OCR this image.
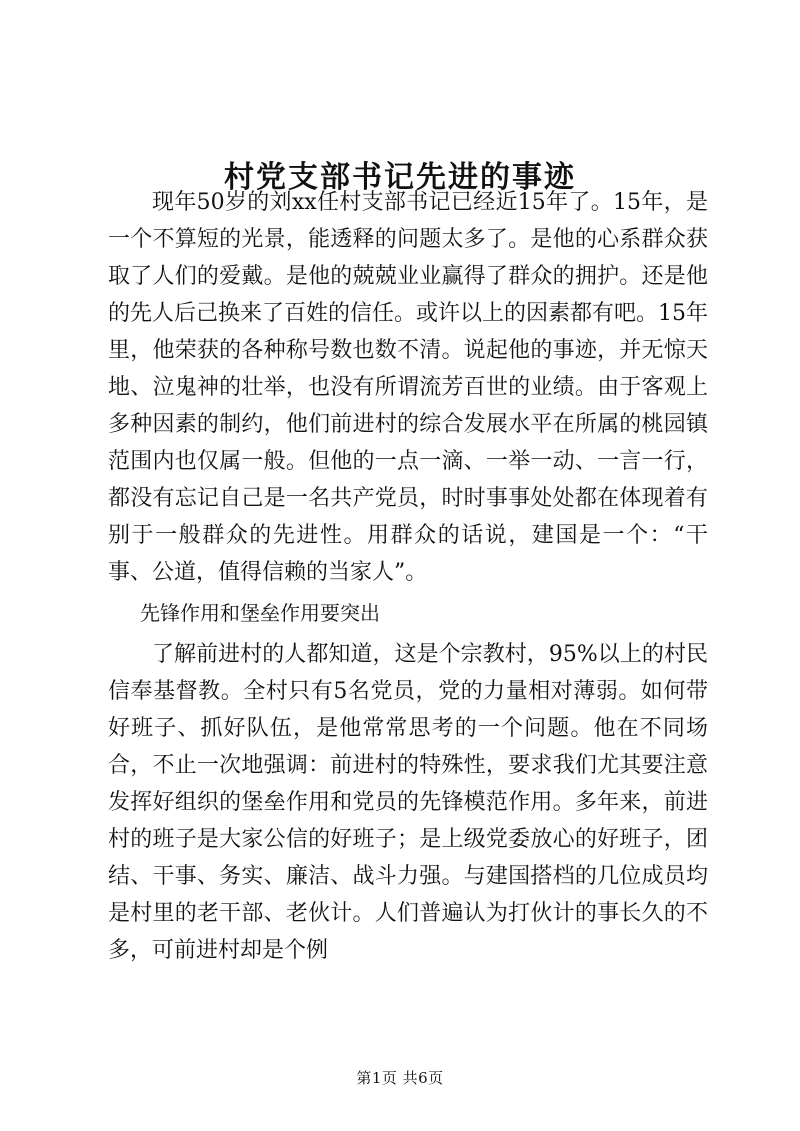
村党支部书记先进的事迹

现年50岁的刘xx任村支部书记已经近15年了。15年，是一个不算短的光景，能透释的问题太多了。是他的心系群众获取了人们的爱戴。是他的兢兢业业赢得了群众的拥护。还是他的先人后己换来了百姓的信任。或许以上的因素都有吧。15年里，他荣获的各种称号数也数不清。说起他的事迹，并无惊天地、泣鬼神的壮举，也没有所谓流芳百世的业绩。由于客观上多种因素的制约，他们前进村的综合发展水平在所属的桃园镇范围内也仅属一般。但他的一点一滴、一举一动、一言一行，都没有忘记自己是一名共产党员，时时事事处处都在体现着有别于一般群众的先进性。用群众的话说，建国是一个：“干事、公道，值得信赖的当家人”。

先锋作用和堡垒作用要突出

了解前进村的人都知道，这是个宗教村，95%以上的村民信奉基督教。全村只有5名党员，党的力量相对薄弱。如何带好班子、抓好队伍，是他常常思考的一个问题。他在不同场合，不止一次地强调：前进村的特殊性，要求我们尤其要注意发挥好组织的堡垒作用和党员的先锋模范作用。多年来，前进村的班子是大家公信的好班子；是上级党委放心的好班子，团结、干事、务实、廉洁、战斗力强。与建国搭档的几位成员均是村里的老干部、老伙计。人们普遍认为打伙计的事长久的不多，可前进村却是个例

第1页 共6页
